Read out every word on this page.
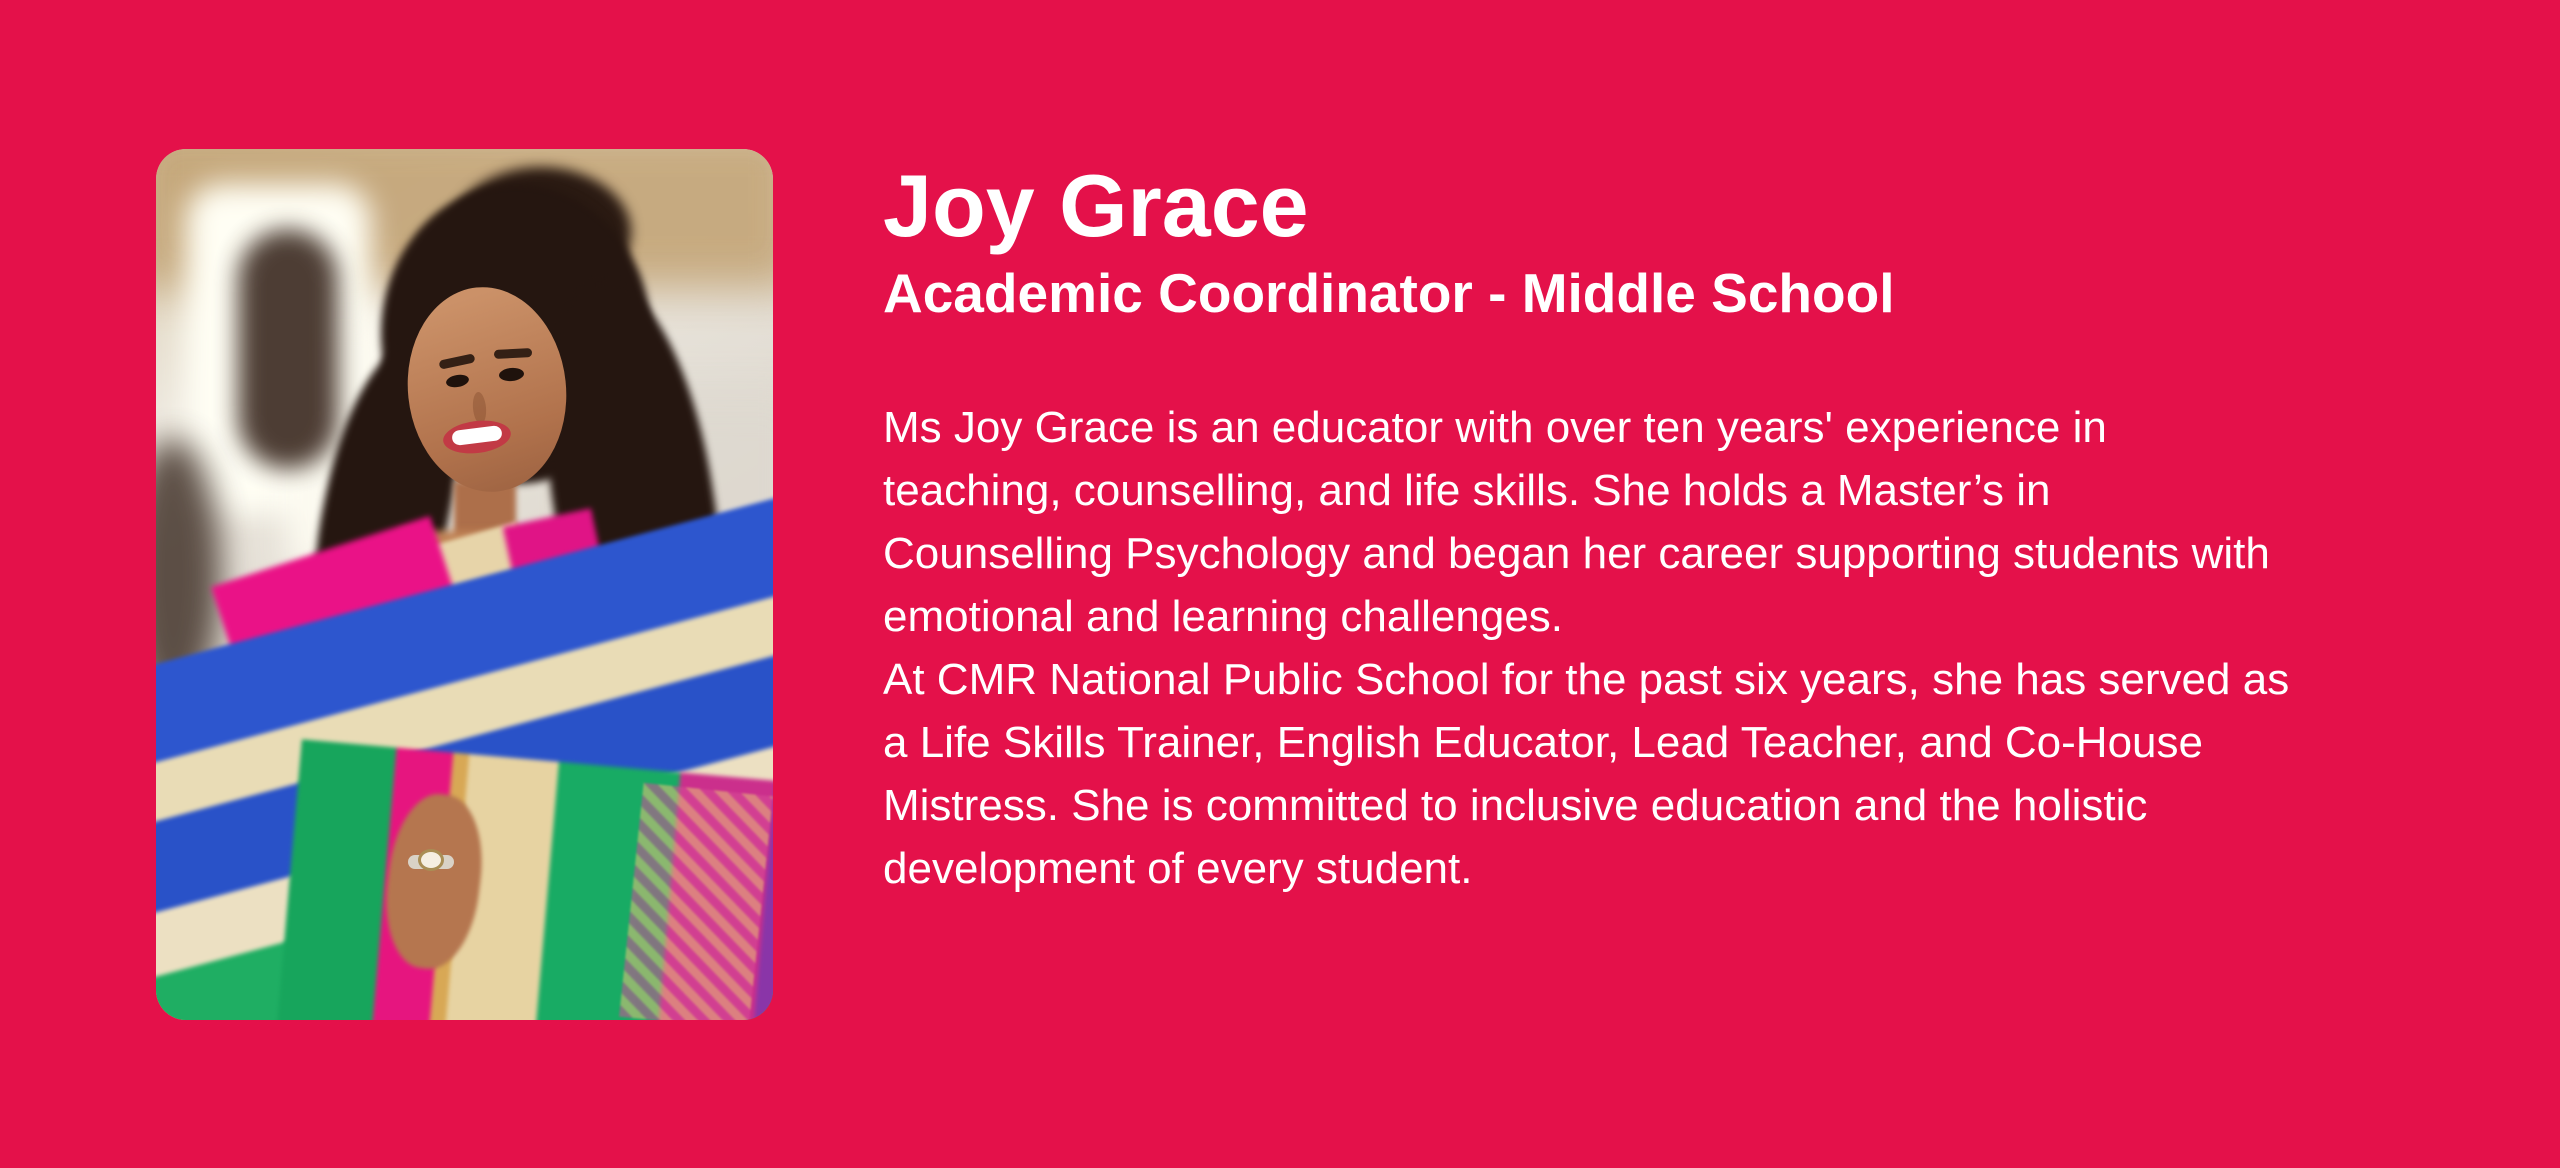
Joy Grace
Academic Coordinator - Middle School
Ms Joy Grace is an educator with over ten years' experience in
teaching, counselling, and life skills. She holds a Master’s in
Counselling Psychology and began her career supporting students with
emotional and learning challenges.
At CMR National Public School for the past six years, she has served as
a Life Skills Trainer, English Educator, Lead Teacher, and Co-House
Mistress. She is committed to inclusive education and the holistic
development of every student.
